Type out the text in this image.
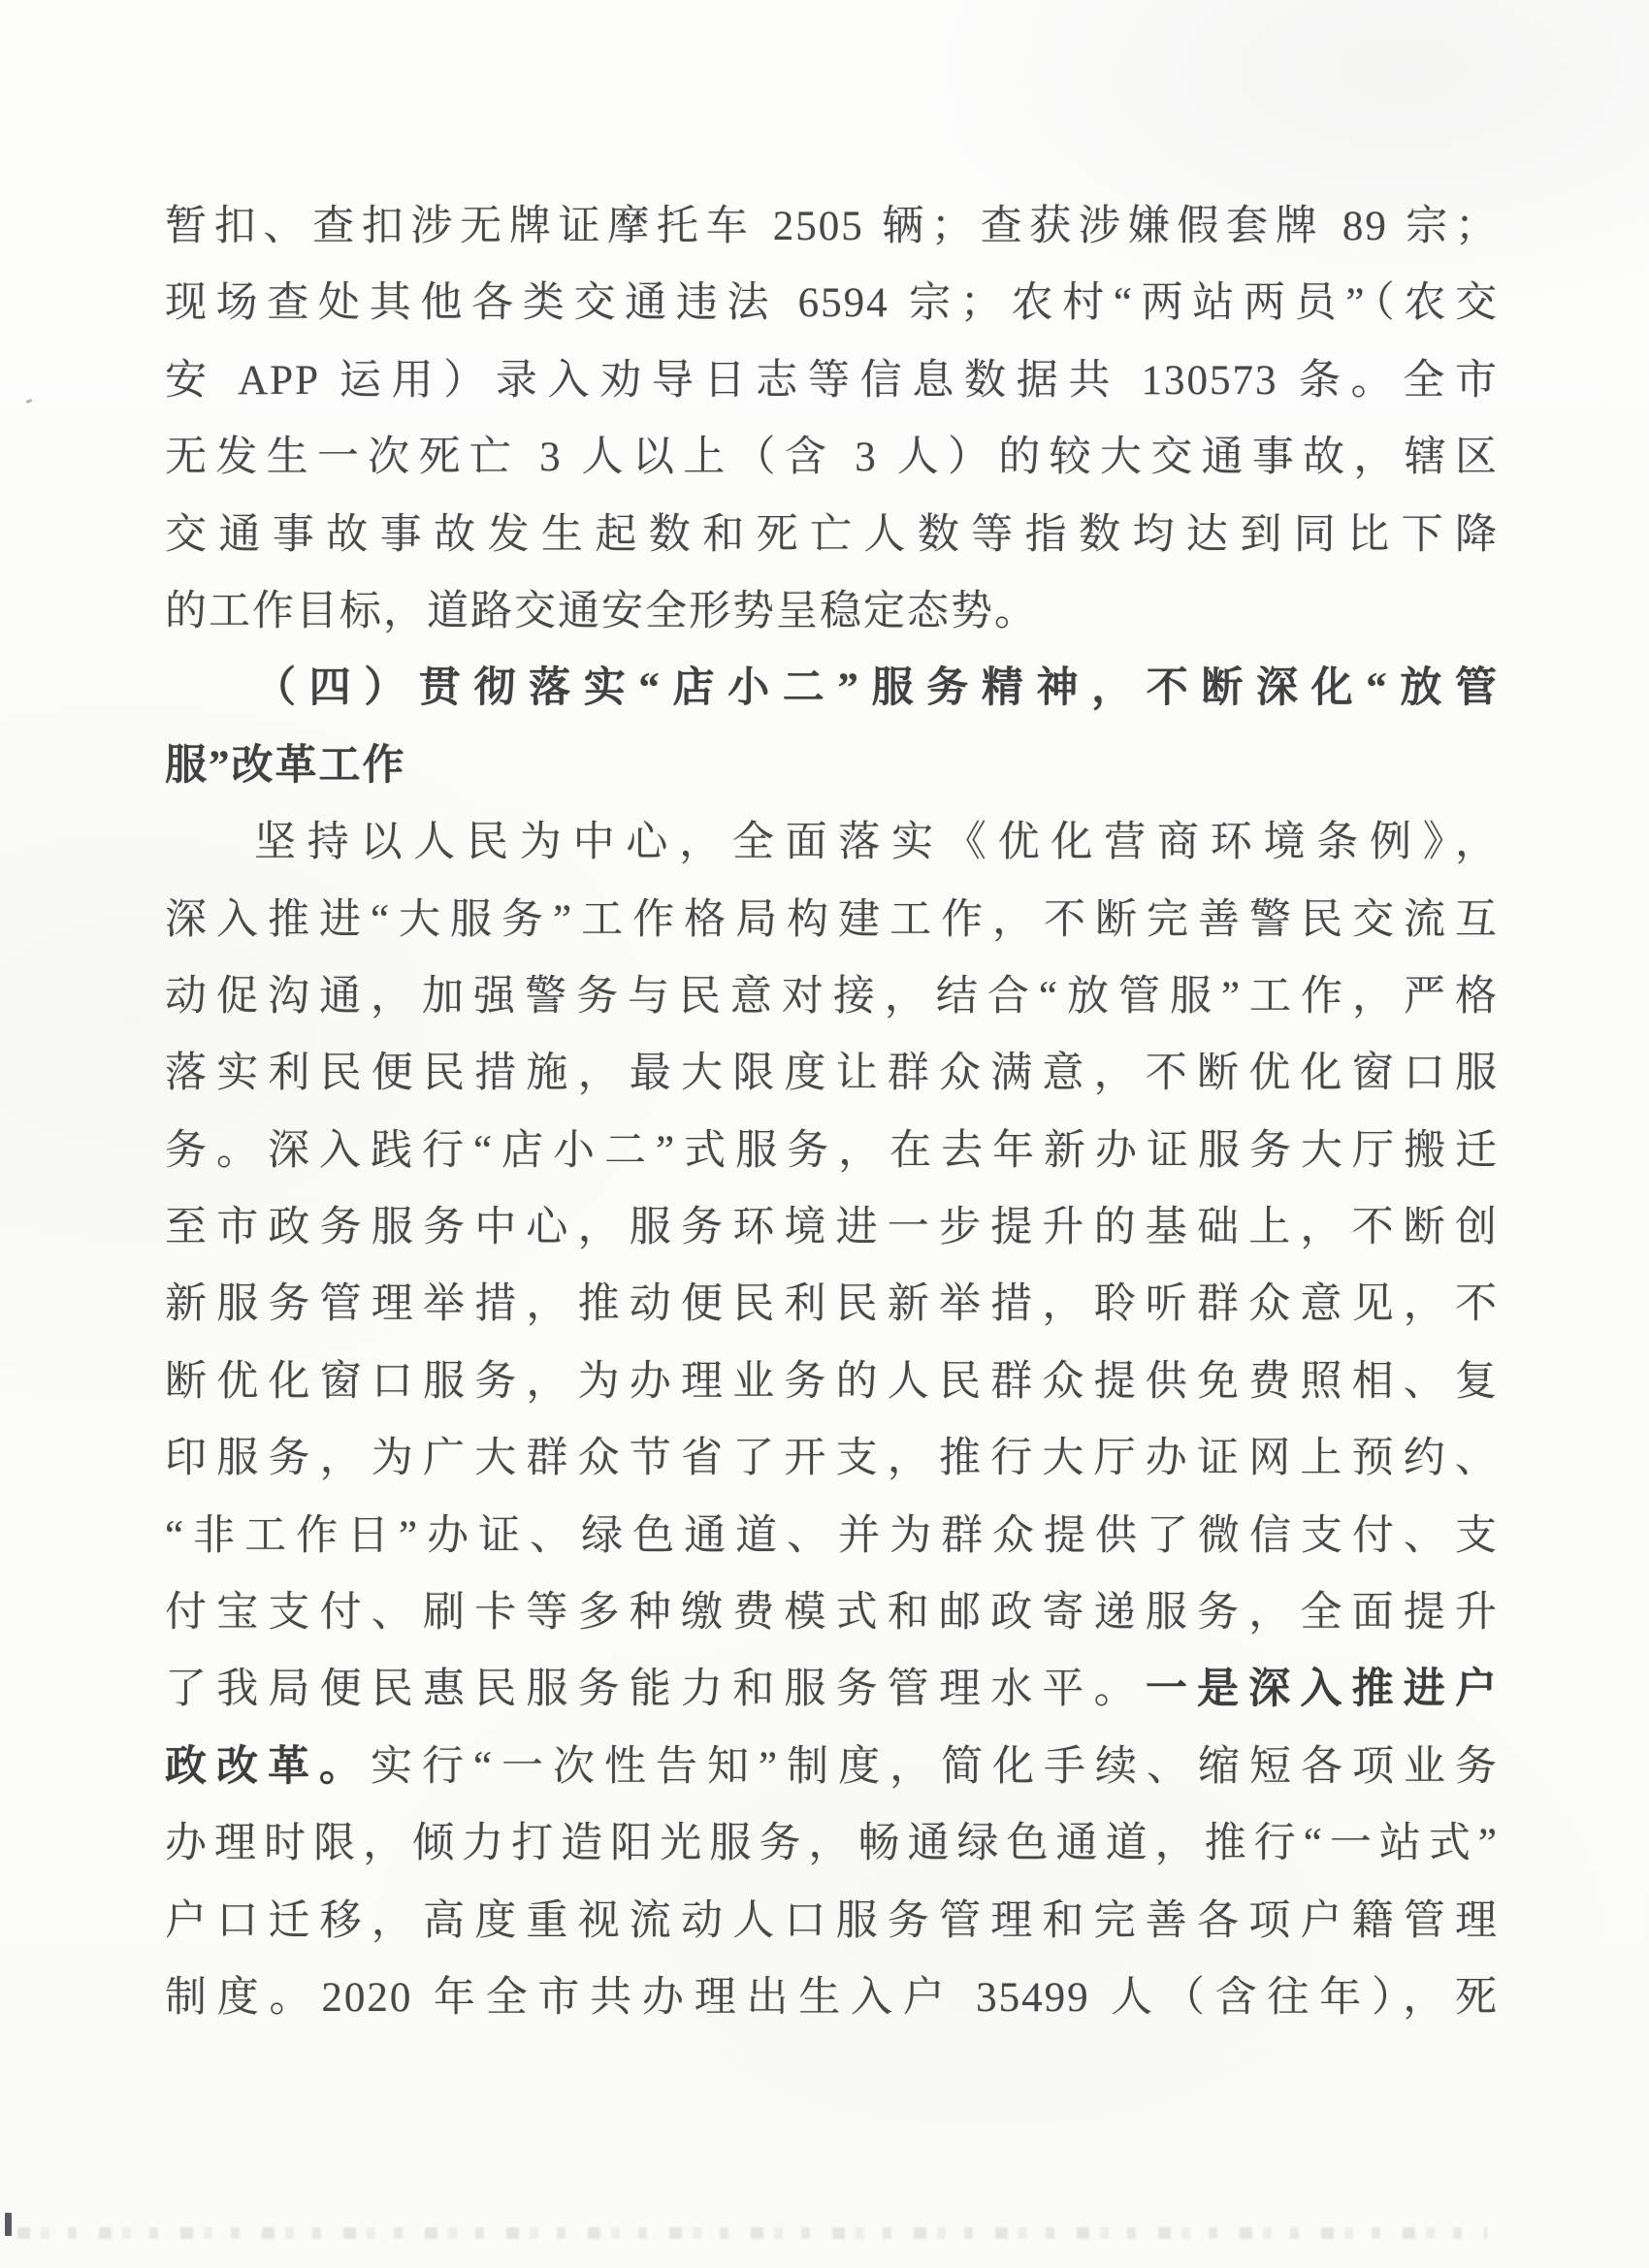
暂扣、查扣涉无牌证摩托车 2505 辆；查获涉嫌假套牌 89 宗；
现场查处其他各类交通违法 6594 宗；农村“两站两员”（农交
安 APP 运用）录入劝导日志等信息数据共 130573 条。全市
无发生一次死亡 3 人以上（含 3 人）的较大交通事故，辖区
交通事故事故发生起数和死亡人数等指数均达到同比下降
的工作目标，道路交通安全形势呈稳定态势。
（四）贯彻落实“店小二”服务精神，不断深化“放管
服”改革工作
坚持以人民为中心，全面落实《优化营商环境条例》，
深入推进“大服务”工作格局构建工作，不断完善警民交流互
动促沟通，加强警务与民意对接，结合“放管服”工作，严格
落实利民便民措施，最大限度让群众满意，不断优化窗口服
务。深入践行“店小二”式服务，在去年新办证服务大厅搬迁
至市政务服务中心，服务环境进一步提升的基础上，不断创
新服务管理举措，推动便民利民新举措，聆听群众意见，不
断优化窗口服务，为办理业务的人民群众提供免费照相、复
印服务，为广大群众节省了开支，推行大厅办证网上预约、
“非工作日”办证、绿色通道、并为群众提供了微信支付、支
付宝支付、刷卡等多种缴费模式和邮政寄递服务，全面提升
了我局便民惠民服务能力和服务管理水平。一是深入推进户
政改革。实行“一次性告知”制度，简化手续、缩短各项业务
办理时限，倾力打造阳光服务，畅通绿色通道，推行“一站式”
户口迁移，高度重视流动人口服务管理和完善各项户籍管理
制度。2020 年全市共办理出生入户 35499 人（含往年），死
